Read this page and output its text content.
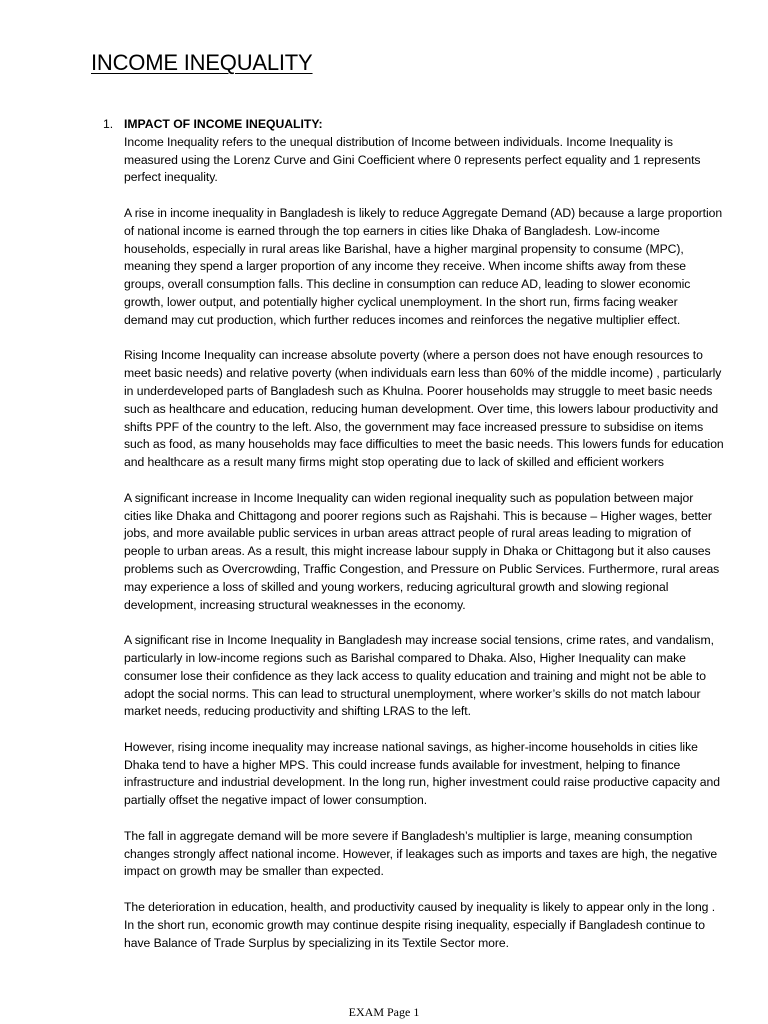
INCOME INEQUALITY
1. IMPACT OF INCOME INEQUALITY:

Income Inequality refers to the unequal distribution of Income between individuals. Income Inequality is measured using the Lorenz Curve and Gini Coefficient where 0 represents perfect equality and 1 represents perfect inequality.

A rise in income inequality in Bangladesh is likely to reduce Aggregate Demand (AD) because a large proportion of national income is earned through the top earners in cities like Dhaka of Bangladesh. Low-income households, especially in rural areas like Barishal, have a higher marginal propensity to consume (MPC), meaning they spend a larger proportion of any income they receive. When income shifts away from these groups, overall consumption falls. This decline in consumption can reduce AD, leading to slower economic growth, lower output, and potentially higher cyclical unemployment. In the short run, firms facing weaker demand may cut production, which further reduces incomes and reinforces the negative multiplier effect.

Rising Income Inequality can increase absolute poverty (where a person does not have enough resources to meet basic needs) and relative poverty (when individuals earn less than 60% of the middle income) , particularly in underdeveloped parts of Bangladesh such as Khulna. Poorer households may struggle to meet basic needs such as healthcare and education, reducing human development. Over time, this lowers labour productivity and shifts PPF of the country to the left. Also, the government may face increased pressure to subsidise on items such as food, as many households may face difficulties to meet the basic needs. This lowers funds for education and healthcare as a result many firms might stop operating due to lack of skilled and efficient workers

A significant increase in Income Inequality can widen regional inequality such as population between major cities like Dhaka and Chittagong and poorer regions such as Rajshahi. This is because – Higher wages, better jobs, and more available public services in urban areas attract people of rural areas leading to migration of people to urban areas. As a result, this might increase labour supply in Dhaka or Chittagong but it also causes problems such as Overcrowding, Traffic Congestion, and Pressure on Public Services. Furthermore, rural areas may experience a loss of skilled and young workers, reducing agricultural growth and slowing regional development, increasing structural weaknesses in the economy.

A significant rise in Income Inequality in Bangladesh may increase social tensions, crime rates, and vandalism, particularly in low-income regions such as Barishal compared to Dhaka. Also, Higher Inequality can make consumer lose their confidence as they lack access to quality education and training and might not be able to adopt the social norms. This can lead to structural unemployment, where worker’s skills do not match labour market needs, reducing productivity and shifting LRAS to the left.

However, rising income inequality may increase national savings, as higher-income households in cities like Dhaka tend to have a higher MPS. This could increase funds available for investment, helping to finance infrastructure and industrial development. In the long run, higher investment could raise productive capacity and partially offset the negative impact of lower consumption.

The fall in aggregate demand will be more severe if Bangladesh’s multiplier is large, meaning consumption changes strongly affect national income. However, if leakages such as imports and taxes are high, the negative impact on growth may be smaller than expected.

The deterioration in education, health, and productivity caused by inequality is likely to appear only in the long . In the short run, economic growth may continue despite rising inequality, especially if Bangladesh continue to have Balance of Trade Surplus by specializing in its Textile Sector more.

EXAM Page 1
